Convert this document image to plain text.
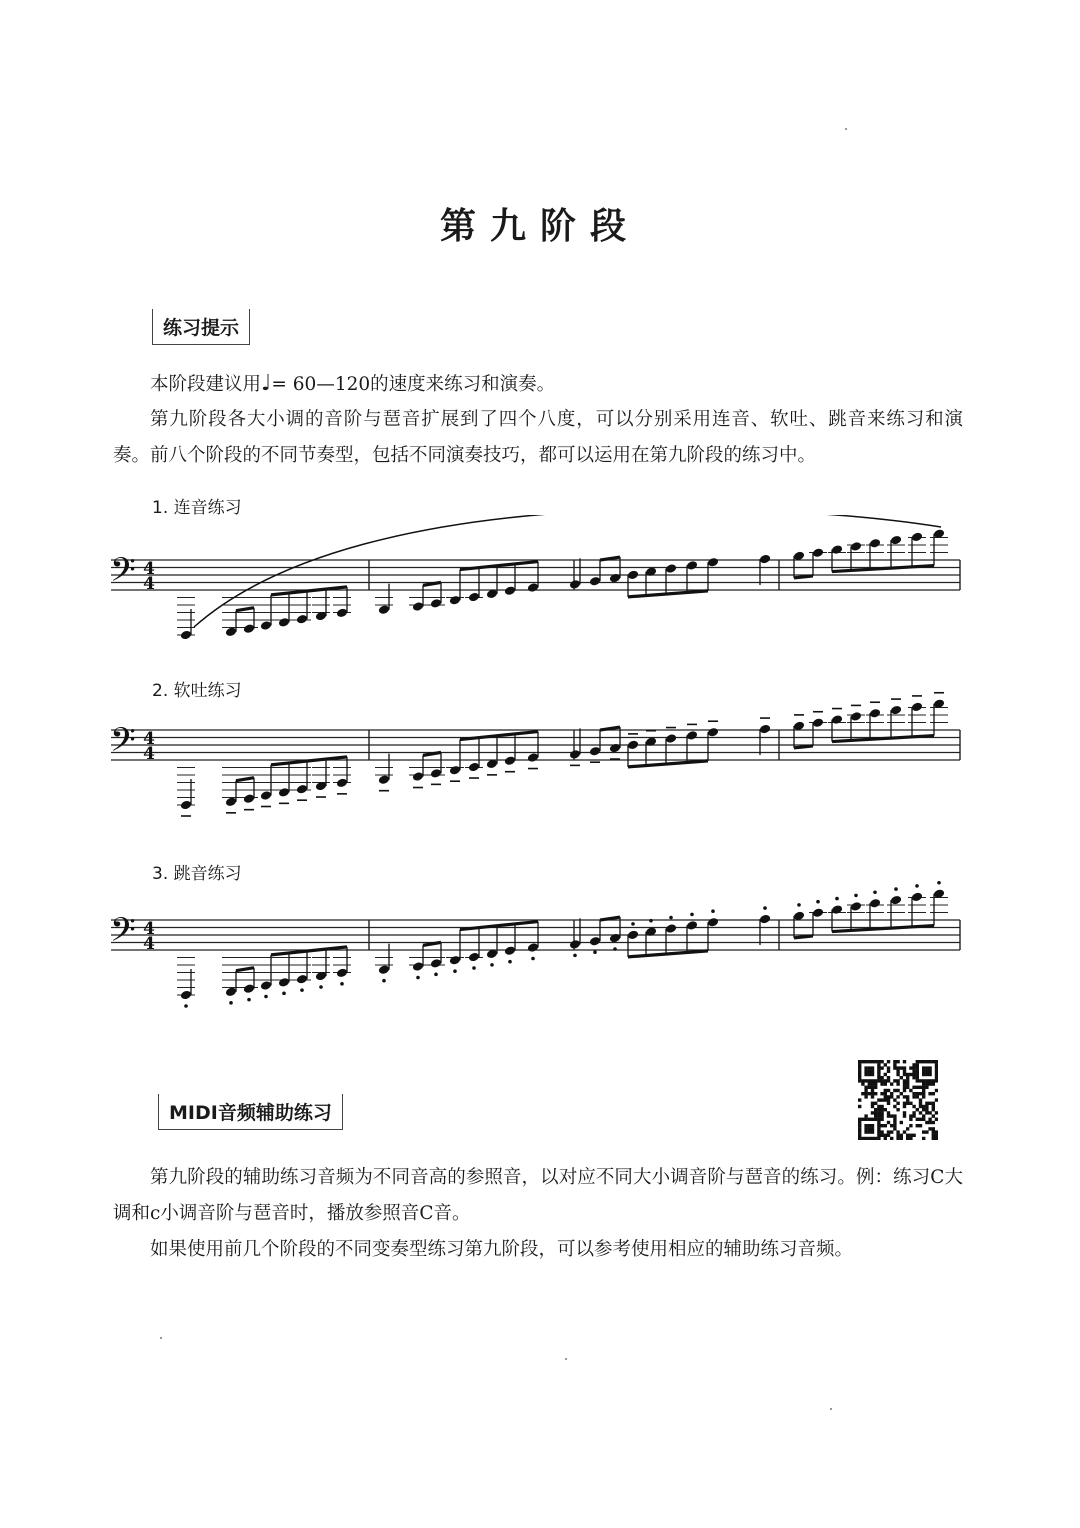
第九阶段
练习提示
本阶段建议用♩= 60—120的速度来练习和演奏。
第九阶段各大小调的音阶与琶音扩展到了四个八度，可以分别采用连音、软吐、跳音来练习和演奏。前八个阶段的不同节奏型，包括不同演奏技巧，都可以运用在第九阶段的练习中。
1. 连音练习
𝄢 4
4
2. 软吐练习
𝄢 4
4
3. 跳音练习
𝄢 4
4
MIDI音频辅助练习
第九阶段的辅助练习音频为不同音高的参照音，以对应不同大小调音阶与琶音的练习。例：练习C大调和c小调音阶与琶音时，播放参照音C音。
如果使用前几个阶段的不同变奏型练习第九阶段，可以参考使用相应的辅助练习音频。
